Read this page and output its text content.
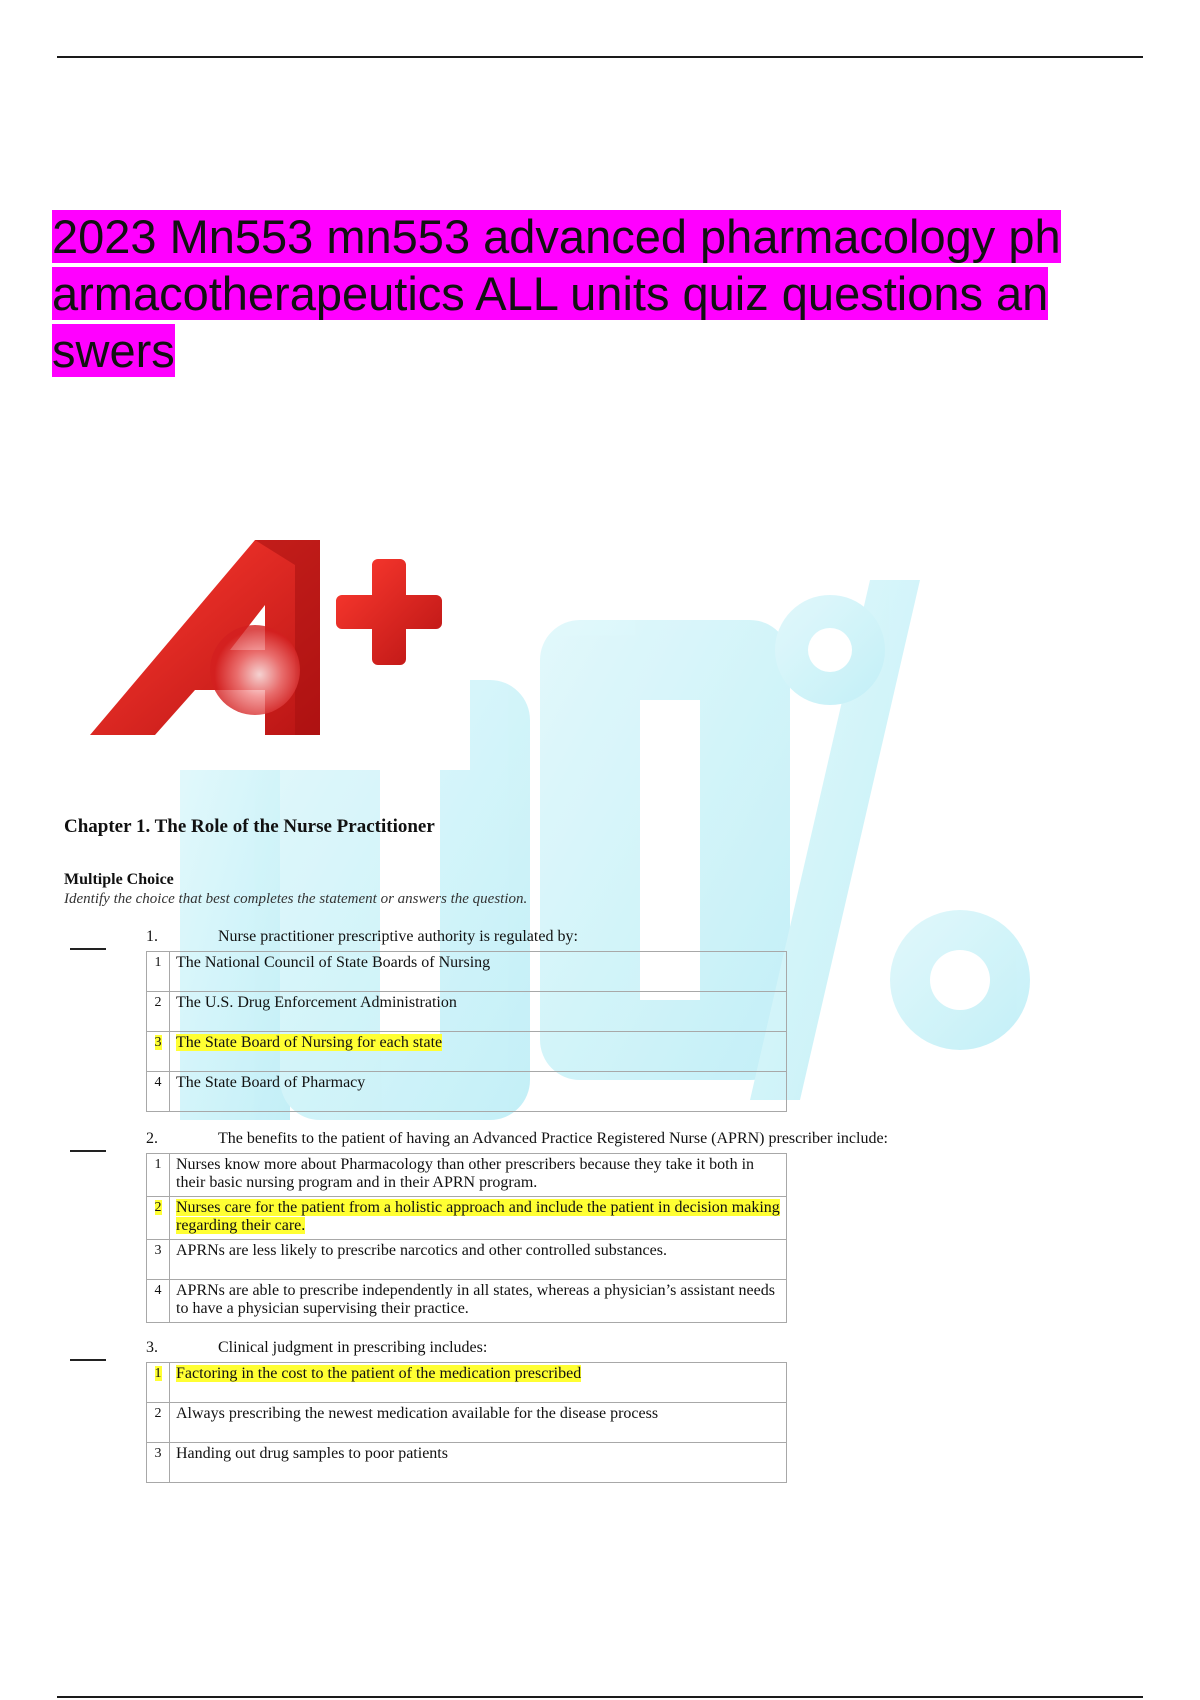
2023 Mn553 mn553 advanced pharmacology ph
armacotherapeutics ALL units quiz questions an
swers
Chapter 1. The Role of the Nurse Practitioner
Multiple Choice
Identify the choice that best completes the statement or answers the question.
1.	Nurse practitioner prescriptive authority is regulated by:
1	The National Council of State Boards of Nursing
2	The U.S. Drug Enforcement Administration
3	The State Board of Nursing for each state
4	The State Board of Pharmacy
2.	The benefits to the patient of having an Advanced Practice Registered Nurse (APRN) prescriber include:
1	Nurses know more about Pharmacology than other prescribers because they take it both in their basic nursing program and in their APRN program.
2	Nurses care for the patient from a holistic approach and include the patient in decision making regarding their care.
3	APRNs are less likely to prescribe narcotics and other controlled substances.
4	APRNs are able to prescribe independently in all states, whereas a physician’s assistant needs to have a physician supervising their practice.
3.	Clinical judgment in prescribing includes:
1	Factoring in the cost to the patient of the medication prescribed
2	Always prescribing the newest medication available for the disease process
3	Handing out drug samples to poor patients
